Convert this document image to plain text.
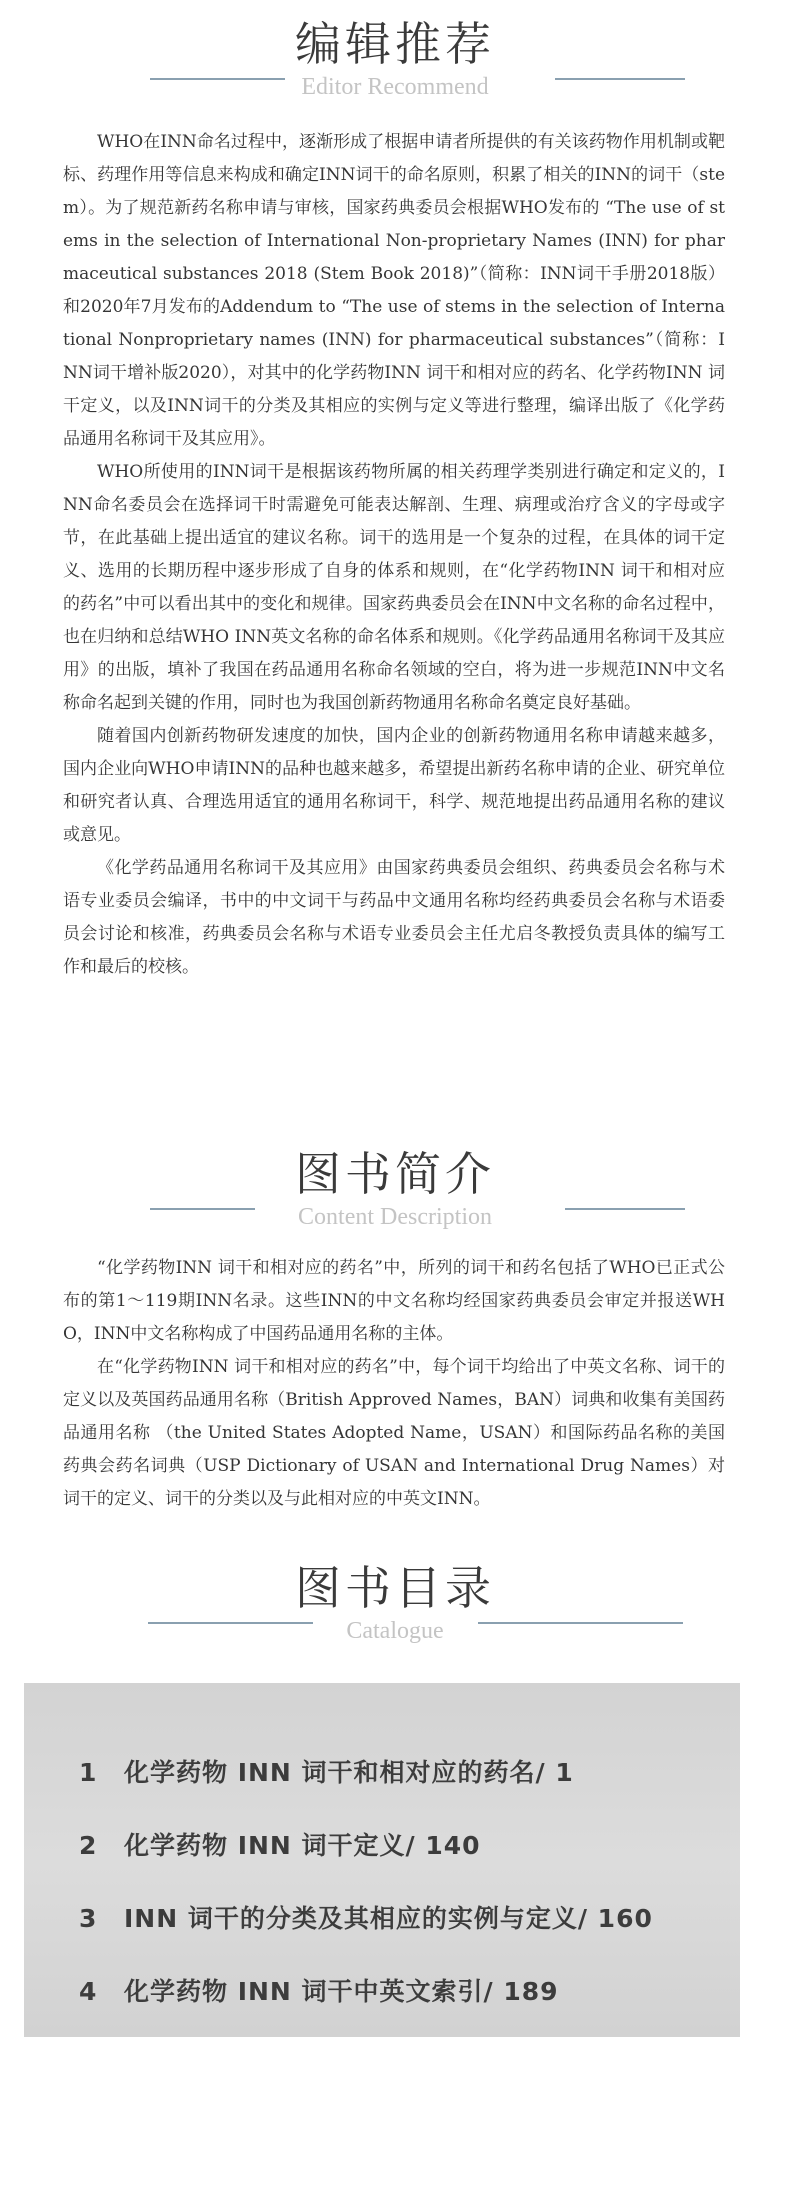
编辑推荐
Editor Recommend

WHO在INN命名过程中，逐渐形成了根据申请者所提供的有关该药物作用机制或靶标、药理作用等信息来构成和确定INN词干的命名原则，积累了相关的INN的词干（stem）。为了规范新药名称申请与审核，国家药典委员会根据WHO发布的 “The use of stems in the selection of International Non-proprietary Names (INN) for pharmaceutical substances 2018 (Stem Book 2018)”（简称：INN词干手册2018版）和2020年7月发布的Addendum to “The use of stems in the selection of International Nonproprietary names (INN) for pharmaceutical substances”（简称：INN词干增补版2020），对其中的化学药物INN 词干和相对应的药名、化学药物INN 词干定义，以及INN词干的分类及其相应的实例与定义等进行整理，编译出版了《化学药品通用名称词干及其应用》。

WHO所使用的INN词干是根据该药物所属的相关药理学类别进行确定和定义的，INN命名委员会在选择词干时需避免可能表达解剖、生理、病理或治疗含义的字母或字节，在此基础上提出适宜的建议名称。词干的选用是一个复杂的过程，在具体的词干定义、选用的长期历程中逐步形成了自身的体系和规则，在“化学药物INN 词干和相对应的药名”中可以看出其中的变化和规律。国家药典委员会在INN中文名称的命名过程中，也在归纳和总结WHO INN英文名称的命名体系和规则。《化学药品通用名称词干及其应用》的出版，填补了我国在药品通用名称命名领域的空白，将为进一步规范INN中文名称命名起到关键的作用，同时也为我国创新药物通用名称命名奠定良好基础。

随着国内创新药物研发速度的加快，国内企业的创新药物通用名称申请越来越多，国内企业向WHO申请INN的品种也越来越多，希望提出新药名称申请的企业、研究单位和研究者认真、合理选用适宜的通用名称词干，科学、规范地提出药品通用名称的建议或意见。

《化学药品通用名称词干及其应用》由国家药典委员会组织、药典委员会名称与术语专业委员会编译，书中的中文词干与药品中文通用名称均经药典委员会名称与术语委员会讨论和核准，药典委员会名称与术语专业委员会主任尤启冬教授负责具体的编写工作和最后的校核。

图书简介
Content Description

“化学药物INN 词干和相对应的药名”中，所列的词干和药名包括了WHO已正式公布的第1～119期INN名录。这些INN的中文名称均经国家药典委员会审定并报送WHO，INN中文名称构成了中国药品通用名称的主体。

在“化学药物INN 词干和相对应的药名”中，每个词干均给出了中英文名称、词干的定义以及英国药品通用名称（British Approved Names，BAN）词典和收集有美国药品通用名称 （the United States Adopted Name，USAN）和国际药品名称的美国药典会药名词典（USP Dictionary of USAN and International Drug Names）对词干的定义、词干的分类以及与此相对应的中英文INN。

图书目录
Catalogue
1 化学药物 INN 词干和相对应的药名/ 1
2 化学药物 INN 词干定义/ 140
3 INN 词干的分类及其相应的实例与定义/ 160
4 化学药物 INN 词干中英文索引/ 189
